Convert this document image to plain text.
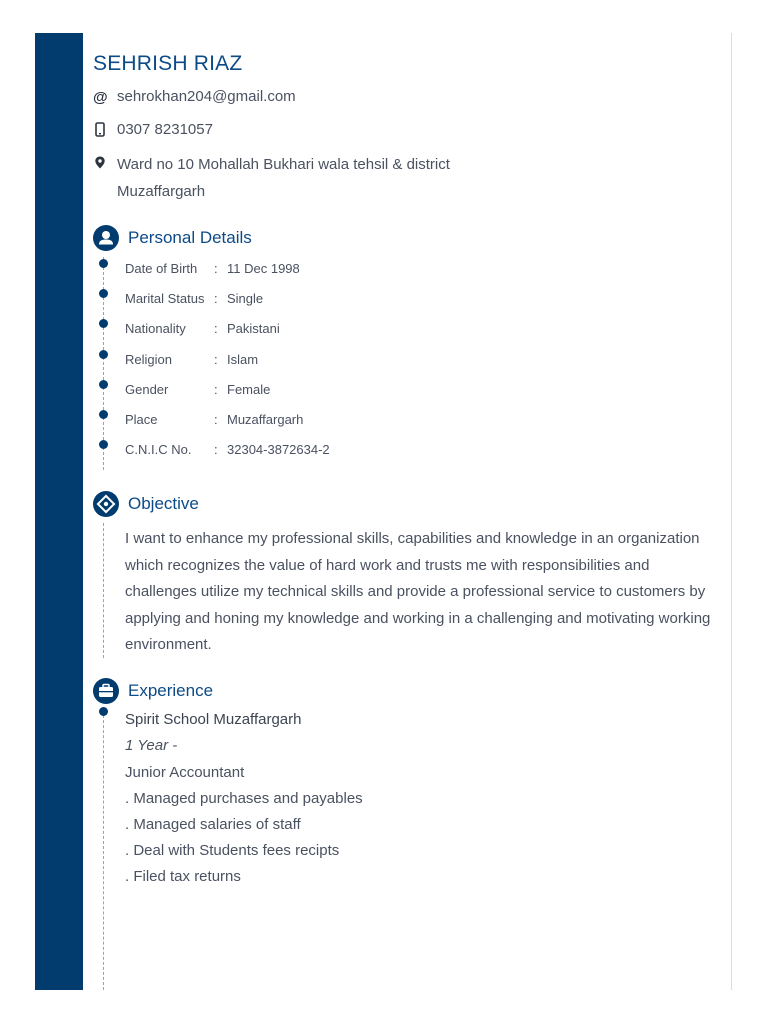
SEHRISH RIAZ
@ sehrokhan204@gmail.com
0307 8231057
Ward no 10 Mohallah Bukhari wala tehsil & district
Muzaffargarh
Personal Details
Date of Birth : 11 Dec 1998
Marital Status : Single
Nationality : Pakistani
Religion	: Islam
Gender	: Female
Place	: Muzaffargarh
C.N.I.C No. : 32304-3872634-2
Objective
I want to enhance my professional skills, capabilities and knowledge in an organization which recognizes the value of hard work and trusts me with responsibilities and challenges utilize my technical skills and provide a professional service to customers by applying and honing my knowledge and working in a challenging and motivating working environment.
Experience
Spirit School Muzaffargarh
1 Year -
Junior Accountant
. Managed purchases and payables
. Managed salaries of staff
. Deal with Students fees recipts
. Filed tax returns
